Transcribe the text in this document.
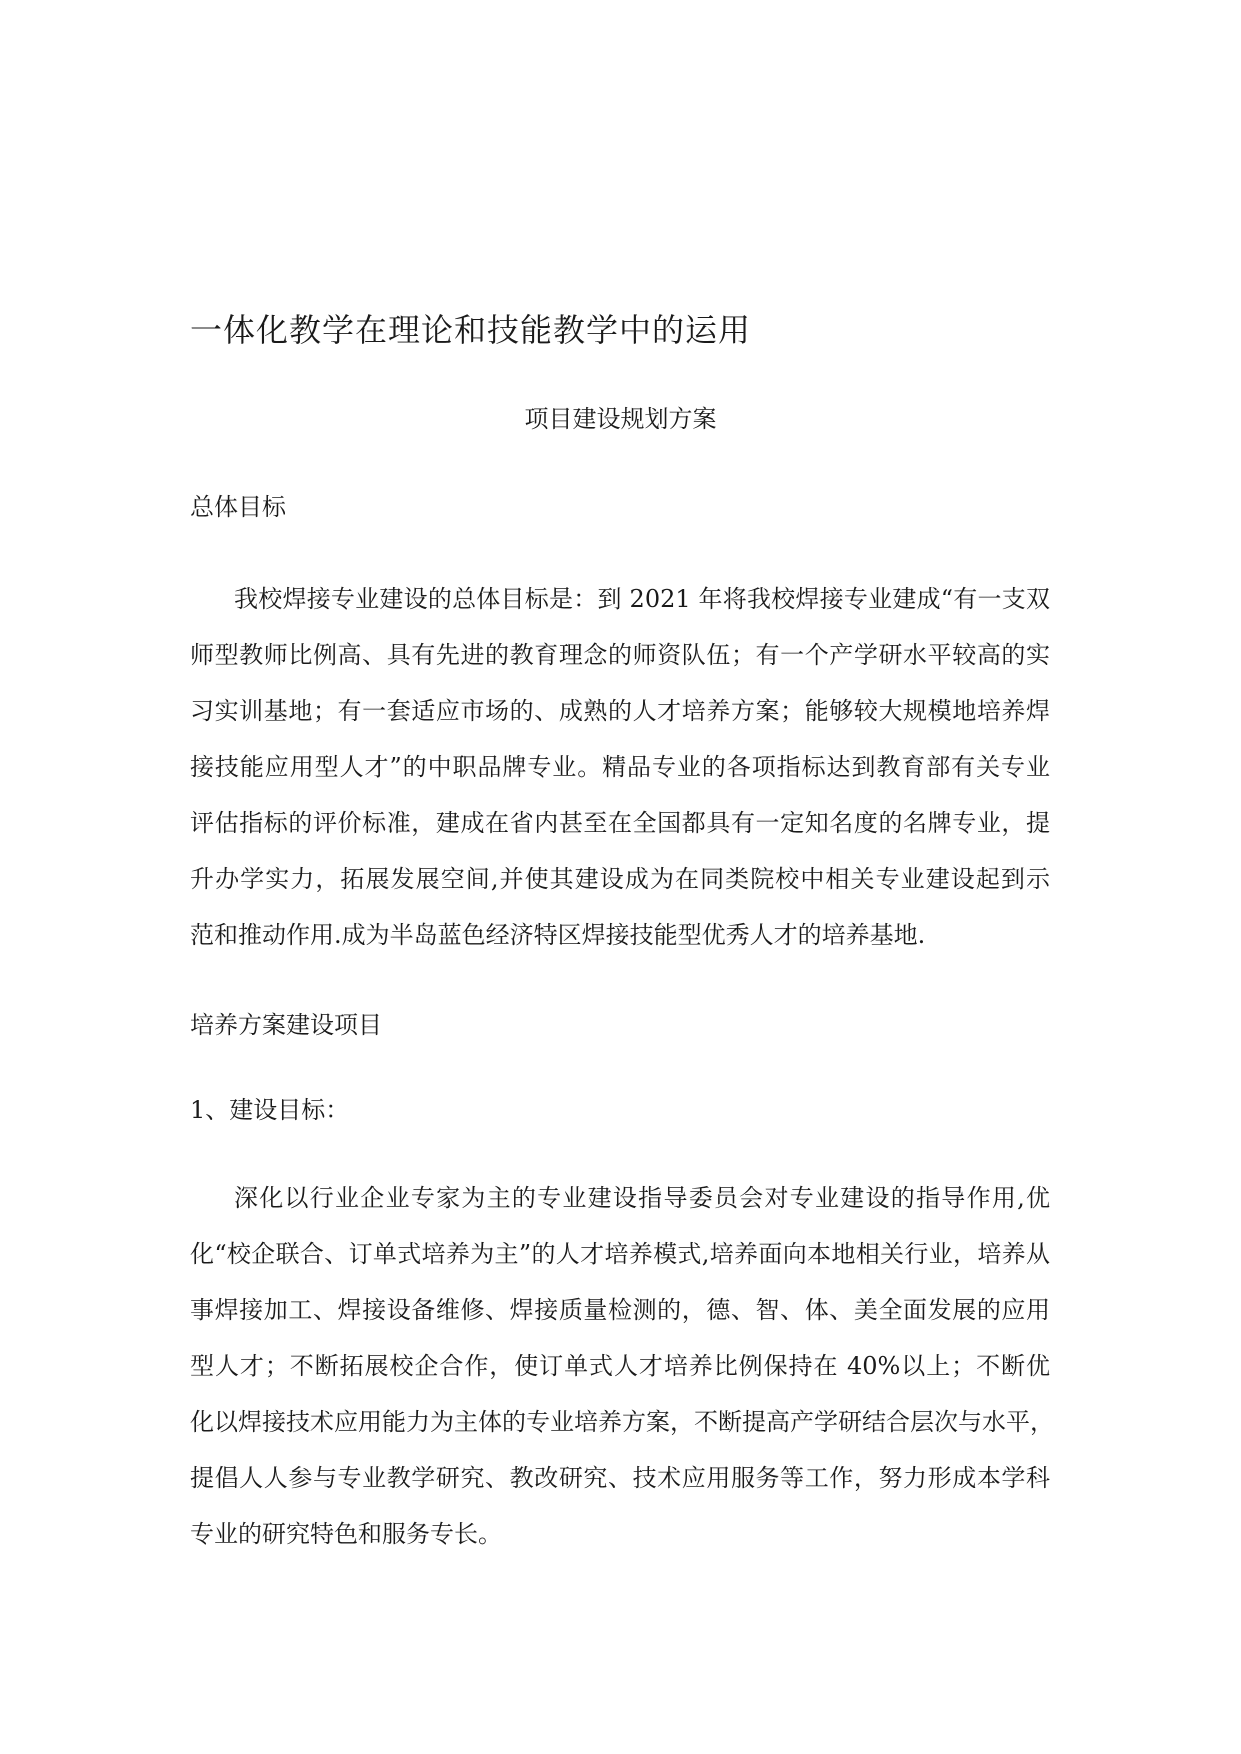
一体化教学在理论和技能教学中的运用

项目建设规划方案

总体目标

我校焊接专业建设的总体目标是：到 2021 年将我校焊接专业建成“有一支双
师型教师比例高、具有先进的教育理念的师资队伍；有一个产学研水平较高的实
习实训基地；有一套适应市场的、成熟的人才培养方案；能够较大规模地培养焊
接技能应用型人才”的中职品牌专业。精品专业的各项指标达到教育部有关专业
评估指标的评价标准，建成在省内甚至在全国都具有一定知名度的名牌专业，提
升办学实力，拓展发展空间,并使其建设成为在同类院校中相关专业建设起到示
范和推动作用.成为半岛蓝色经济特区焊接技能型优秀人才的培养基地.

培养方案建设项目

1、建设目标：

深化以行业企业专家为主的专业建设指导委员会对专业建设的指导作用,优
化“校企联合、订单式培养为主”的人才培养模式,培养面向本地相关行业，培养从
事焊接加工、焊接设备维修、焊接质量检测的，德、智、体、美全面发展的应用
型人才；不断拓展校企合作，使订单式人才培养比例保持在 40%以上；不断优
化以焊接技术应用能力为主体的专业培养方案，不断提高产学研结合层次与水平，
提倡人人参与专业教学研究、教改研究、技术应用服务等工作，努力形成本学科
专业的研究特色和服务专长。
